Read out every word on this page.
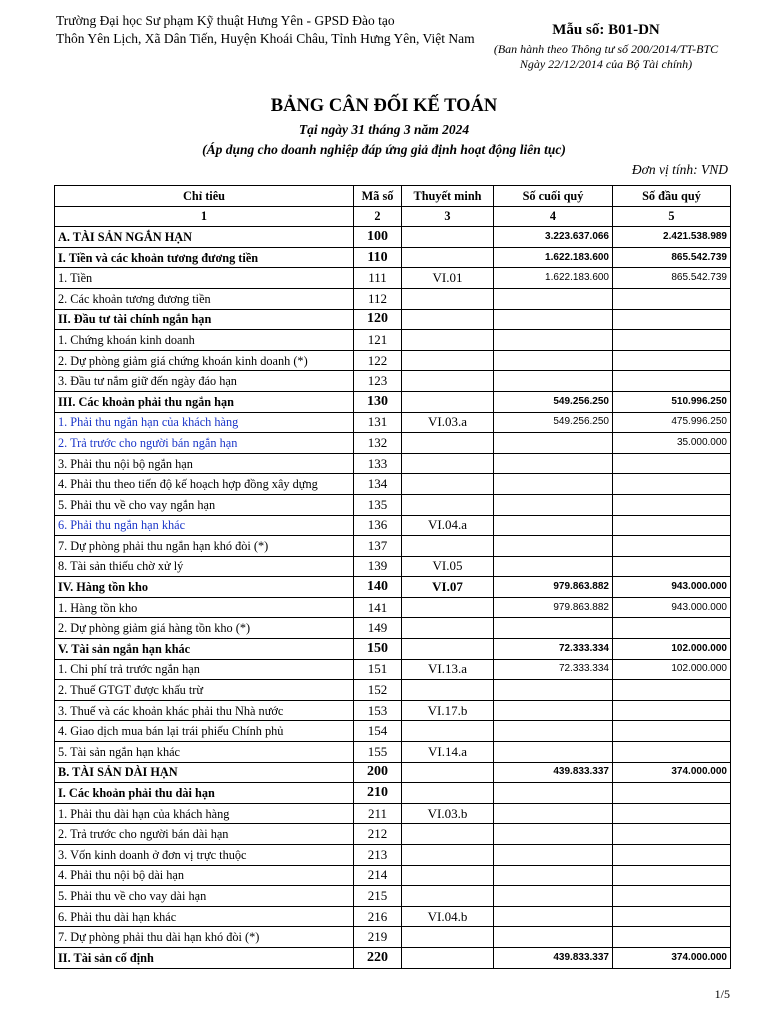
Trường Đại học Sư phạm Kỹ thuật Hưng Yên - GPSD Đào tạo
Thôn Yên Lịch, Xã Dân Tiến, Huyện Khoái Châu, Tỉnh Hưng Yên, Việt Nam
Mẫu số: B01-DN
(Ban hành theo Thông tư số 200/2014/TT-BTC
Ngày 22/12/2014 của Bộ Tài chính)
BẢNG CÂN ĐỐI KẾ TOÁN
Tại ngày 31 tháng 3 năm 2024
(Áp dụng cho doanh nghiệp đáp ứng giả định hoạt động liên tục)
Đơn vị tính: VND
Chỉ tiêu	Mã số	Thuyết minh	Số cuối quý	Số đầu quý
1	2	3	4	5
A. TÀI SẢN NGẮN HẠN	100		3.223.637.066	2.421.538.989
I. Tiền và các khoản tương đương tiền	110		1.622.183.600	865.542.739
1. Tiền	111	VI.01	1.622.183.600	865.542.739
2. Các khoản tương đương tiền	112			
II. Đầu tư tài chính ngắn hạn	120			
1. Chứng khoán kinh doanh	121			
2. Dự phòng giảm giá chứng khoán kinh doanh (*)	122			
3. Đầu tư nắm giữ đến ngày đáo hạn	123			
III. Các khoản phải thu ngắn hạn	130		549.256.250	510.996.250
1. Phải thu ngắn hạn của khách hàng	131	VI.03.a	549.256.250	475.996.250
2. Trả trước cho người bán ngắn hạn	132			35.000.000
3. Phải thu nội bộ ngắn hạn	133			
4. Phải thu theo tiến độ kế hoạch hợp đồng xây dựng	134			
5. Phải thu về cho vay ngắn hạn	135			
6. Phải thu ngắn hạn khác	136	VI.04.a		
7. Dự phòng phải thu ngắn hạn khó đòi (*)	137			
8. Tài sản thiếu chờ xử lý	139	VI.05		
IV. Hàng tồn kho	140	VI.07	979.863.882	943.000.000
1. Hàng tồn kho	141		979.863.882	943.000.000
2. Dự phòng giảm giá hàng tồn kho (*)	149			
V. Tài sản ngắn hạn khác	150		72.333.334	102.000.000
1. Chi phí trả trước ngắn hạn	151	VI.13.a	72.333.334	102.000.000
2. Thuế GTGT được khấu trừ	152			
3. Thuế và các khoản khác phải thu Nhà nước	153	VI.17.b		
4. Giao dịch mua bán lại trái phiếu Chính phủ	154			
5. Tài sản ngắn hạn khác	155	VI.14.a		
B. TÀI SẢN DÀI HẠN	200		439.833.337	374.000.000
I. Các khoản phải thu dài hạn	210			
1. Phải thu dài hạn của khách hàng	211	VI.03.b		
2. Trả trước cho người bán dài hạn	212			
3. Vốn kinh doanh ở đơn vị trực thuộc	213			
4. Phải thu nội bộ dài hạn	214			
5. Phải thu về cho vay dài hạn	215			
6. Phải thu dài hạn khác	216	VI.04.b		
7. Dự phòng phải thu dài hạn khó đòi (*)	219			
II. Tài sản cố định	220		439.833.337	374.000.000
1/5
